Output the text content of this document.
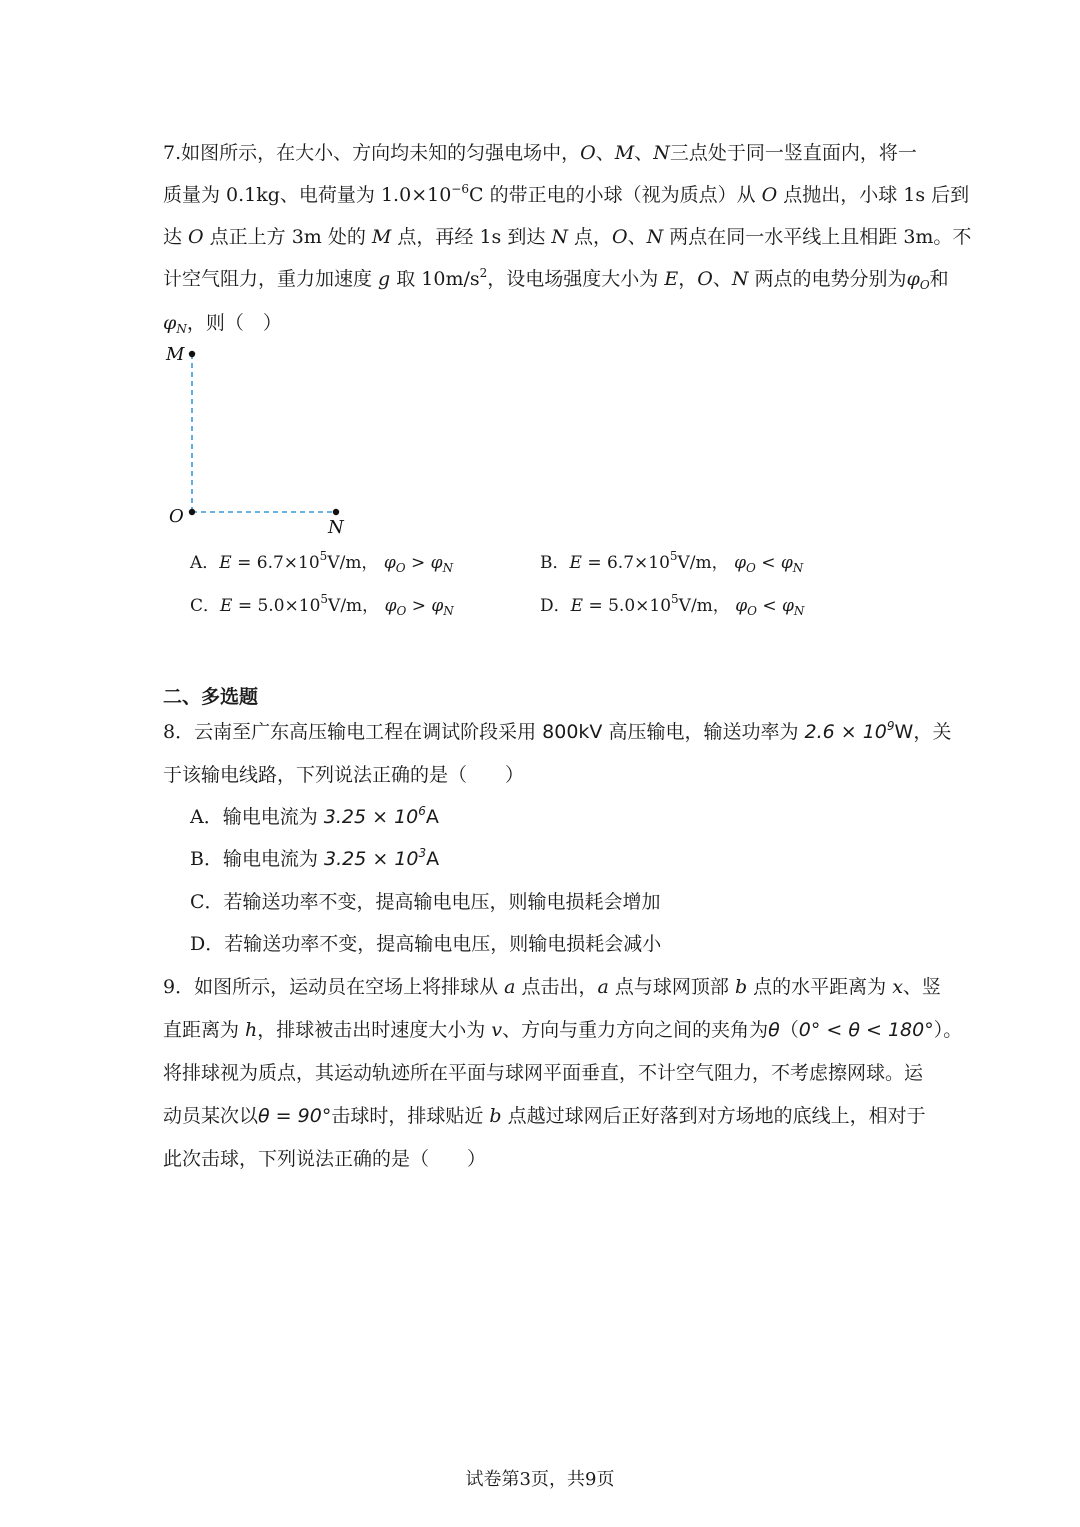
7.如图所示，在大小、方向均未知的匀强电场中，O、M、N三点处于同一竖直面内，将一
质量为 0.1kg、电荷量为 $1.0\times 10^{-6}C$ 的带正电的小球（视为质点）从 O 点抛出，小球 1s 后到
达 O 点正上方 3m 处的 M 点，再经 1s 到达 N 点，O、N 两点在同一水平线上且相距 3m。不
计空气阻力，重力加速度 g 取 $10m/s^2$，设电场强度大小为 E，O、N 两点的电势分别为$\varphi_O$和
$\varphi_N$，则（　）
M
O
N
A．$E = 6.7\times 10^5V/m$， $\varphi_O > \varphi_N$	B．$E = 6.7\times 10^5V/m$， $\varphi_O < \varphi_N$
C．$E = 5.0\times 10^5V/m$， $\varphi_O > \varphi_N$	D．$E = 5.0\times 10^5V/m$， $\varphi_O < \varphi_N$
二、多选题
8．云南至广东高压输电工程在调试阶段采用 800kV 高压输电，输送功率为 $2.6 \times 10^9W$，关
于该输电线路，下列说法正确的是（　　）
A．输电电流为 $3.25 \times 10^6A$
B．输电电流为 $3.25 \times 10^3A$
C．若输送功率不变，提高输电电压，则输电损耗会增加
D．若输送功率不变，提高输电电压，则输电损耗会减小
9．如图所示，运动员在空场上将排球从 a 点击出，a 点与球网顶部 b 点的水平距离为 x、竖
直距离为 h，排球被击出时速度大小为 v、方向与重力方向之间的夹角为θ（0° < θ < 180°）。
将排球视为质点，其运动轨迹所在平面与球网平面垂直，不计空气阻力，不考虑擦网球。运
动员某次以θ = 90°击球时，排球贴近 b 点越过球网后正好落到对方场地的底线上，相对于
此次击球，下列说法正确的是（　　）
试卷第3页，共9页
